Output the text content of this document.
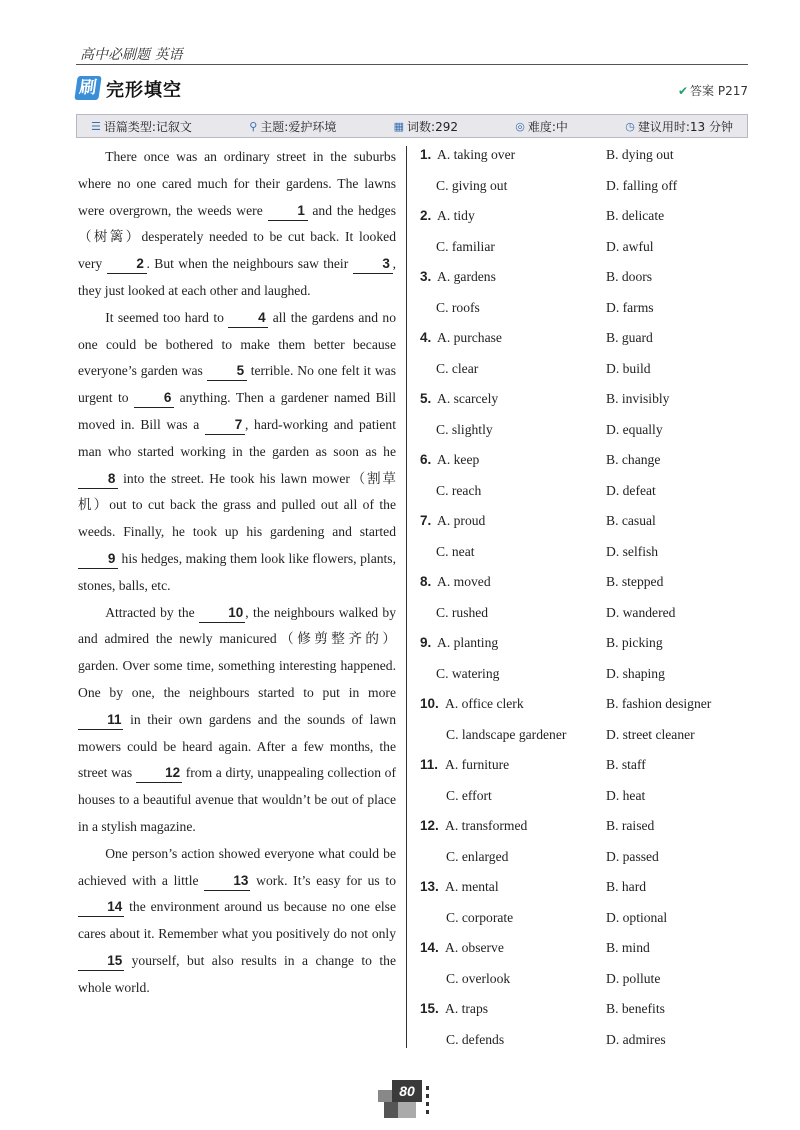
高中必刷题 英语
刷 完形填空	✔ 答案 P217
☰ 语篇类型:记叙文	⚲ 主题:爱护环境	▦ 词数:292	◎ 难度:中	◷ 建议用时:13 分钟

There once was an ordinary street in the suburbs where no one cared much for their gardens. The lawns were overgrown, the weeds were 1 and the hedges（树篱）desperately needed to be cut back. It looked very 2 . But when the neighbours saw their 3 , they just looked at each other and laughed.

It seemed too hard to 4 all the gardens and no one could be bothered to make them better because everyone’s garden was 5 terrible. No one felt it was urgent to 6 anything. Then a gardener named Bill moved in. Bill was a 7 , hard-working and patient man who started working in the garden as soon as he 8 into the street. He took his lawn mower（割草机）out to cut back the grass and pulled out all of the weeds. Finally, he took up his gardening and started 9 his hedges, making them look like flowers, plants, stones, balls, etc.

Attracted by the 10 , the neighbours walked by and admired the newly manicured（修剪整齐的）garden. Over some time, something interesting happened. One by one, the neighbours started to put in more 11 in their own gardens and the sounds of lawn mowers could be heard again. After a few months, the street was 12 from a dirty, unappealing collection of houses to a beautiful avenue that wouldn’t be out of place in a stylish magazine.

One person’s action showed everyone what could be achieved with a little 13 work. It’s easy for us to 14 the environment around us because no one else cares about it. Remember what you positively do not only 15 yourself, but also results in a change to the whole world.

1. A. taking over	B. dying out
C. giving out	D. falling off
2. A. tidy	B. delicate
C. familiar	D. awful
3. A. gardens	B. doors
C. roofs	D. farms
4. A. purchase	B. guard
C. clear	D. build
5. A. scarcely	B. invisibly
C. slightly	D. equally
6. A. keep	B. change
C. reach	D. defeat
7. A. proud	B. casual
C. neat	D. selfish
8. A. moved	B. stepped
C. rushed	D. wandered
9. A. planting	B. picking
C. watering	D. shaping
10. A. office clerk	B. fashion designer
C. landscape gardener	D. street cleaner
11. A. furniture	B. staff
C. effort	D. heat
12. A. transformed	B. raised
C. enlarged	D. passed
13. A. mental	B. hard
C. corporate	D. optional
14. A. observe	B. mind
C. overlook	D. pollute
15. A. traps	B. benefits
C. defends	D. admires
80
